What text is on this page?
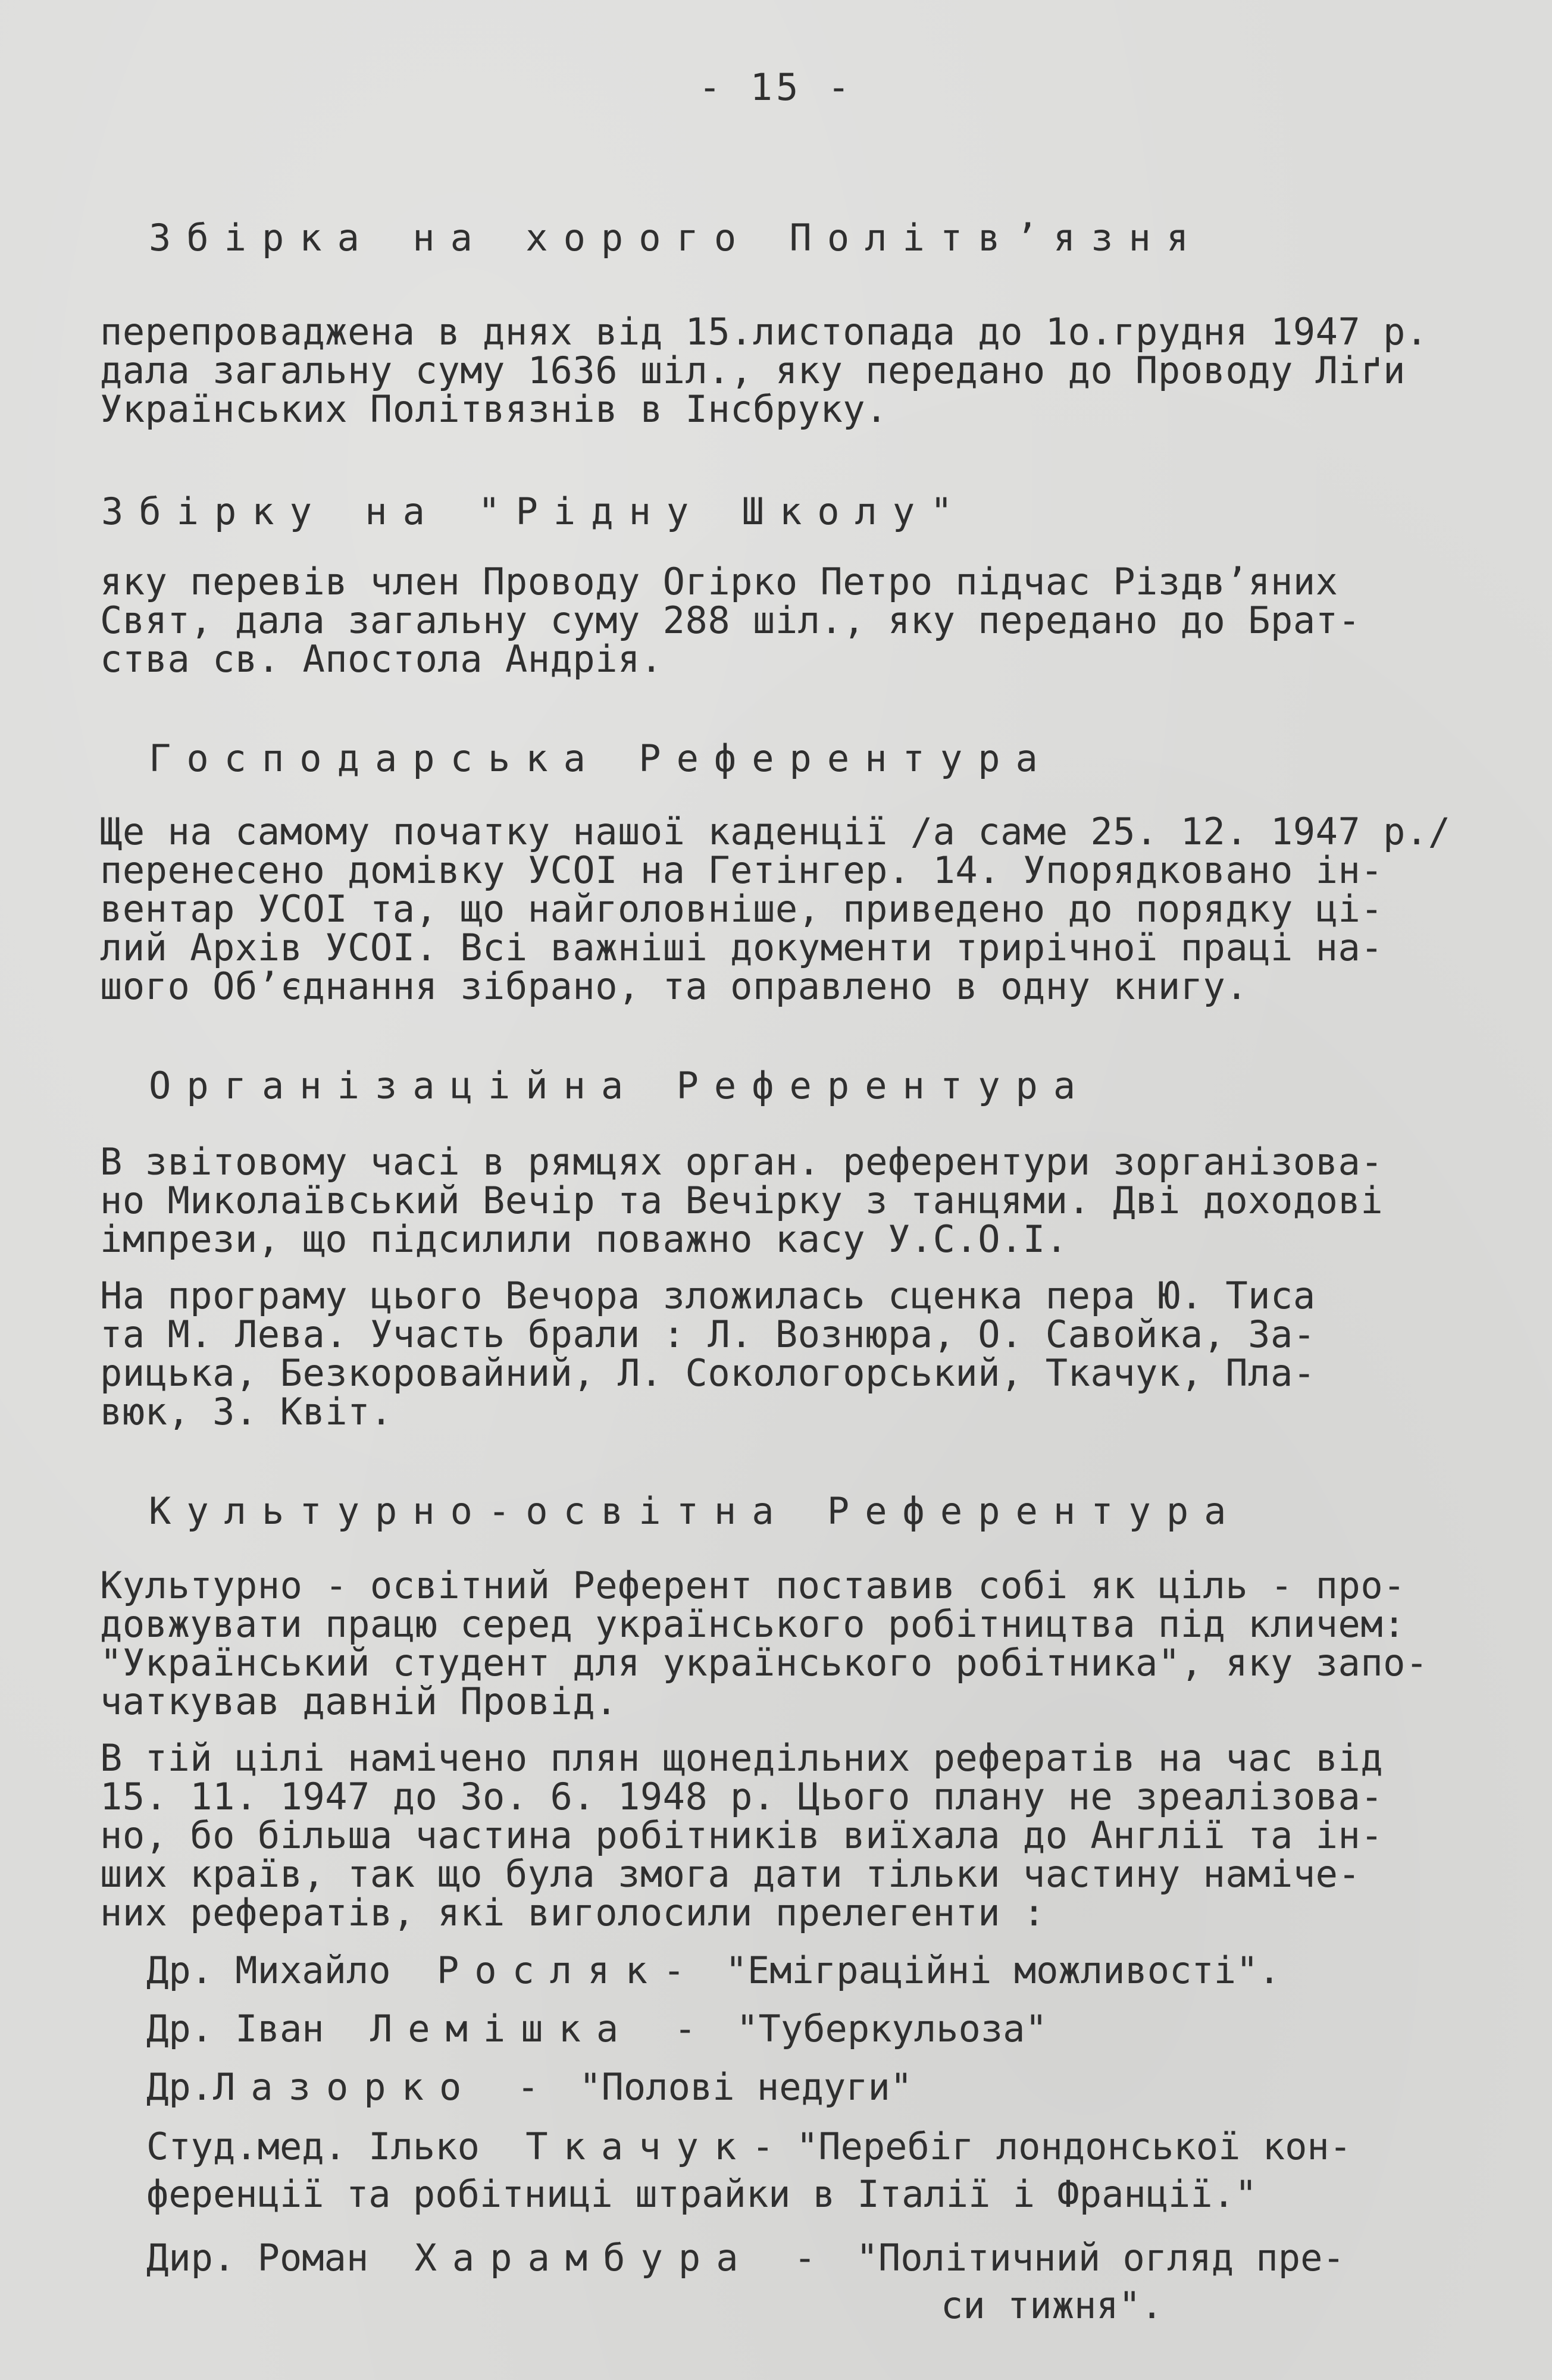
- 15 -
Збірка на хорого Політв’язня
перепроваджена в днях від 15.листопада до 1о.грудня 1947 р.
дала загальну суму 1636 шіл., яку передано до Проводу Ліґи
Українських Політвязнів в Інсбруку.
Збірку на "Рідну Школу"
яку перевів член Проводу Огірко Петро підчас Різдв’яних
Свят, дала загальну суму 288 шіл., яку передано до Брат-
ства св. Апостола Андрія.
Господарська Референтура
Ще на самому початку нашої каденції /а саме 25. 12. 1947 р./
перенесено домівку УСОІ на Гетінгер. 14. Упорядковано ін-
вентар УСОІ та, що найголовніше, приведено до порядку ці-
лий Архів УСОІ. Всі важніші документи трирічної праці на-
шого Об’єднання зібрано, та оправлено в одну книгу.
Організаційна Референтура
В звітовому часі в рямцях орган. референтури зорганізова-
но Миколаївський Вечір та Вечірку з танцями. Дві доходові
імпрези, що підсилили поважно касу У.С.О.І.
На програму цього Вечора зложилась сценка пера Ю. Тиса
та М. Лева. Участь брали : Л. Вознюра, О. Савойка, За-
рицька, Безкоровайний, Л. Сокологорський, Ткачук, Пла-
вюк, З. Квіт.
Культурно-освітна Референтура
Культурно - освітний Референт поставив собі як ціль - про-
довжувати працю серед українського робітництва під кличем:
"Український студент для українського робітника", яку запо-
чаткував давній Провід.
В тій цілі намічено плян щонедільних рефератів на час від
15. 11. 1947 до Зо. 6. 1948 р. Цього плану не зреалізова-
но, бо більша частина робітників виїхала до Англії та ін-
ших країв, так що була змога дати тільки частину наміче-
них рефератів, які виголосили прелегенти :
Др. Михайло Росляк- "Еміграційні можливості".
Др. Іван Лемішка - "Туберкульоза"
Др.Лазорко - "Полові недуги"
Студ.мед. Ілько Ткачук- "Перебіг лондонської кон-
ференції та робітниці штрайки в Італії і Франції."
Дир. Роман Харамбура - "Політичний огляд пре-
си тижня".
